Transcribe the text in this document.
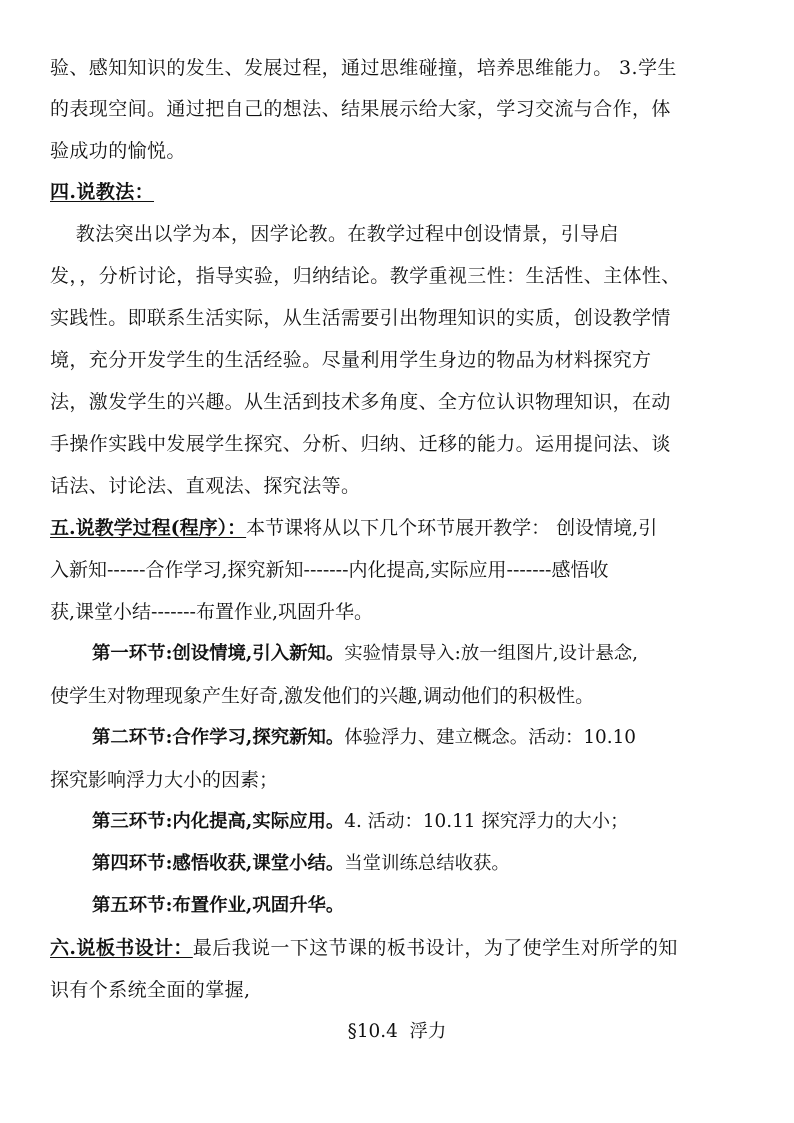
验、感知知识的发生、发展过程，通过思维碰撞，培养思维能力。 3.学生
的表现空间。通过把自己的想法、结果展示给大家，学习交流与合作，体
验成功的愉悦。
四.说教法：
教法突出以学为本，因学论教。在教学过程中创设情景，引导启
发，，分析讨论，指导实验，归纳结论。教学重视三性：生活性、主体性、
实践性。即联系生活实际，从生活需要引出物理知识的实质，创设教学情
境，充分开发学生的生活经验。尽量利用学生身边的物品为材料探究方
法，激发学生的兴趣。从生活到技术多角度、全方位认识物理知识，在动
手操作实践中发展学生探究、分析、归纳、迁移的能力。运用提问法、谈
话法、讨论法、直观法、探究法等。
五.说教学过程(程序）：本节课将从以下几个环节展开教学： 创设情境,引
入新知------合作学习,探究新知-------内化提高,实际应用-------感悟收
获,课堂小结-------布置作业,巩固升华。
第一环节:创设情境,引入新知。实验情景导入:放一组图片,设计悬念,
使学生对物理现象产生好奇,激发他们的兴趣,调动他们的积极性。
第二环节:合作学习,探究新知。体验浮力、建立概念。活动：10.10
探究影响浮力大小的因素；
第三环节:内化提高,实际应用。4. 活动：10.11 探究浮力的大小；
第四环节:感悟收获,课堂小结。当堂训练总结收获。
第五环节:布置作业,巩固升华。
六.说板书设计：最后我说一下这节课的板书设计，为了使学生对所学的知
识有个系统全面的掌握,
§10.4  浮力
